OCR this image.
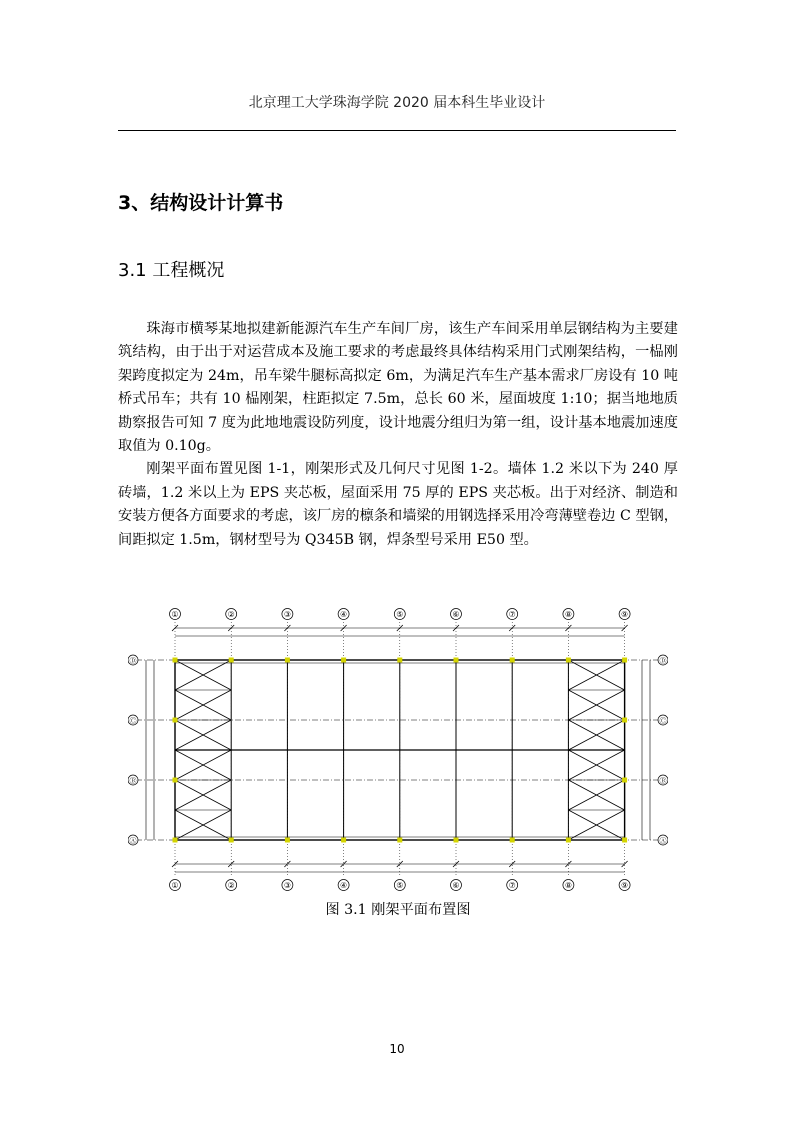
北京理工大学珠海学院 2020 届本科生毕业设计
3、结构设计计算书
3.1 工程概况

珠海市横琴某地拟建新能源汽车生产车间厂房，该生产车间采用单层钢结构为主要建筑结构，由于出于对运营成本及施工要求的考虑最终具体结构采用门式刚架结构，一榀刚架跨度拟定为 24m，吊车梁牛腿标高拟定 6m，为满足汽车生产基本需求厂房设有 10 吨桥式吊车；共有 10 榀刚架，柱距拟定 7.5m，总长 60 米，屋面坡度 1:10；据当地地质勘察报告可知 7 度为此地地震设防列度，设计地震分组归为第一组，设计基本地震加速度取值为 0.10g。

刚架平面布置见图 1-1，刚架形式及几何尺寸见图 1-2。墙体 1.2 米以下为 240 厚砖墙，1.2 米以上为 EPS 夹芯板，屋面采用 75 厚的 EPS 夹芯板。出于对经济、制造和安装方便各方面要求的考虑，该厂房的檩条和墙梁的用钢选择采用冷弯薄壁卷边 C 型钢，间距拟定 1.5m，钢材型号为 Q345B 钢，焊条型号采用 E50 型。

①
①
②
②
③
③
④
④
⑤
⑤
⑥
⑥
⑦
⑦
⑧
⑧
⑨
⑨
Ⓓ	Ⓓ
Ⓒ	Ⓒ
Ⓑ	Ⓑ
Ⓐ	Ⓐ
图 3.1 刚架平面布置图
10
